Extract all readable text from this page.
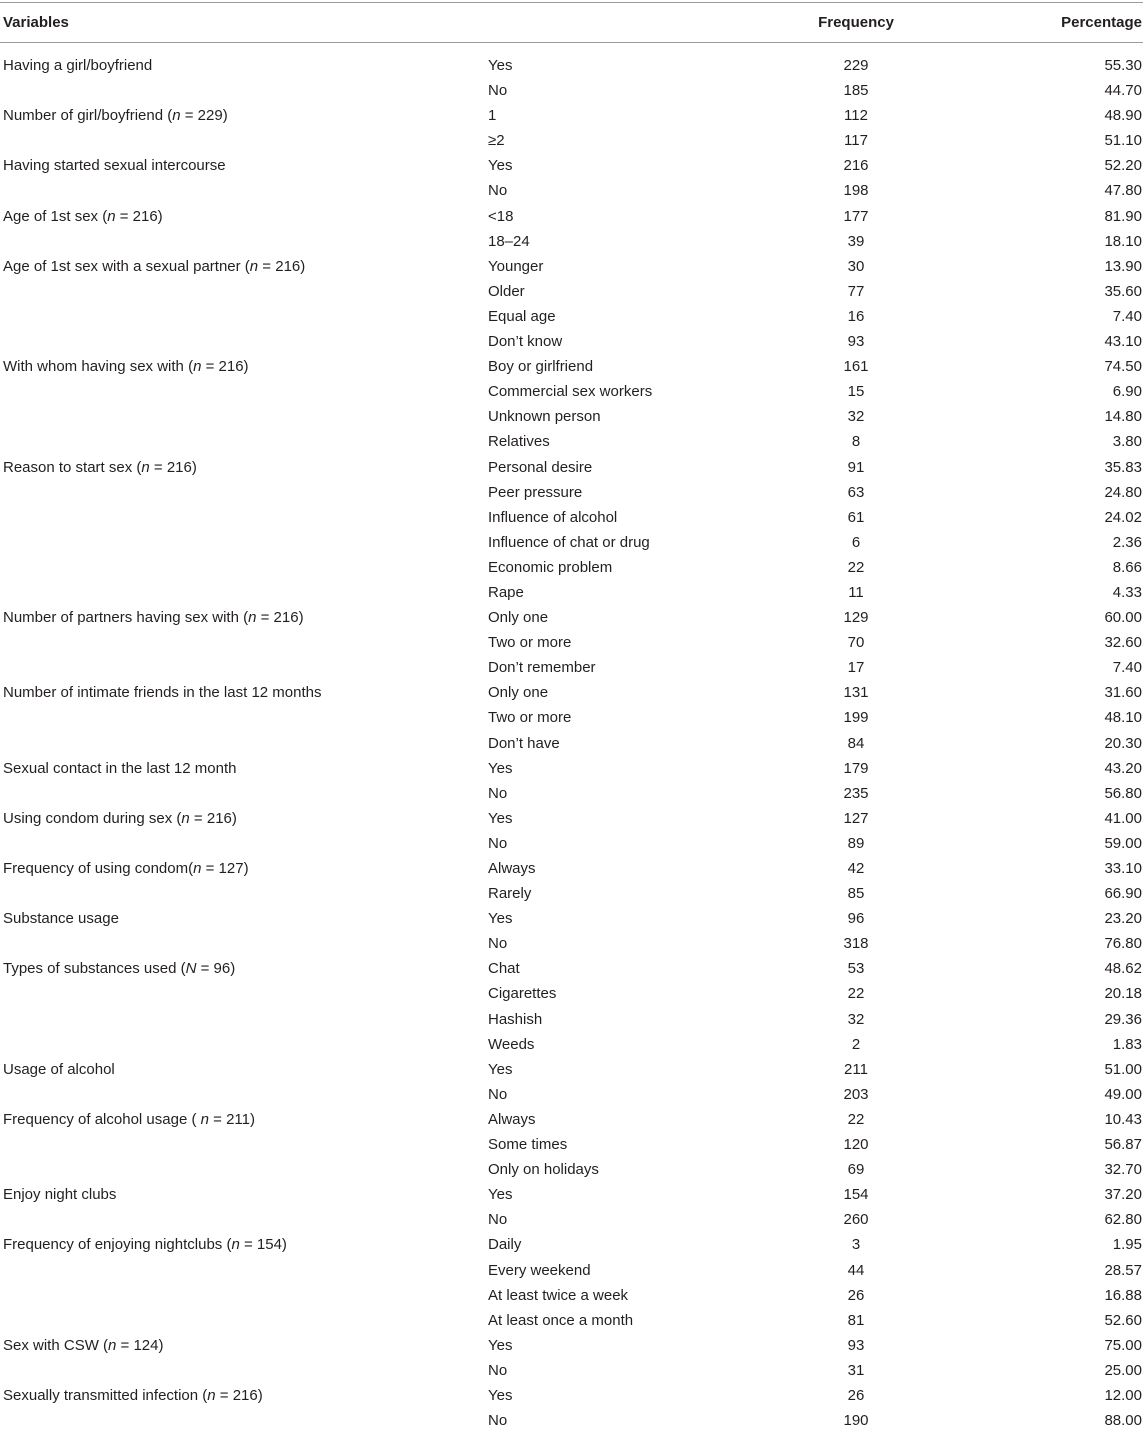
Variables	Frequency	Percentage
Having a girl/boyfriend	Yes	229	55.30
No	185	44.70
Number of girl/boyfriend (n = 229)	1	112	48.90
≥2	117	51.10
Having started sexual intercourse	Yes	216	52.20
No	198	47.80
Age of 1st sex (n = 216)	<18	177	81.90
18–24	39	18.10
Age of 1st sex with a sexual partner (n = 216)	Younger	30	13.90
Older	77	35.60
Equal age	16	7.40
Don’t know	93	43.10
With whom having sex with (n = 216)	Boy or girlfriend	161	74.50
Commercial sex workers	15	6.90
Unknown person	32	14.80
Relatives	8	3.80
Reason to start sex (n = 216)	Personal desire	91	35.83
Peer pressure	63	24.80
Influence of alcohol	61	24.02
Influence of chat or drug	6	2.36
Economic problem	22	8.66
Rape	11	4.33
Number of partners having sex with (n = 216)	Only one	129	60.00
Two or more	70	32.60
Don’t remember	17	7.40
Number of intimate friends in the last 12 months	Only one	131	31.60
Two or more	199	48.10
Don’t have	84	20.30
Sexual contact in the last 12 month	Yes	179	43.20
No	235	56.80
Using condom during sex (n = 216)	Yes	127	41.00
No	89	59.00
Frequency of using condom(n = 127)	Always	42	33.10
Rarely	85	66.90
Substance usage	Yes	96	23.20
No	318	76.80
Types of substances used (N = 96)	Chat	53	48.62
Cigarettes	22	20.18
Hashish	32	29.36
Weeds	2	1.83
Usage of alcohol	Yes	211	51.00
No	203	49.00
Frequency of alcohol usage ( n = 211)	Always	22	10.43
Some times	120	56.87
Only on holidays	69	32.70
Enjoy night clubs	Yes	154	37.20
No	260	62.80
Frequency of enjoying nightclubs (n = 154)	Daily	3	1.95
Every weekend	44	28.57
At least twice a week	26	16.88
At least once a month	81	52.60
Sex with CSW (n = 124)	Yes	93	75.00
No	31	25.00
Sexually transmitted infection (n = 216)	Yes	26	12.00
No	190	88.00
